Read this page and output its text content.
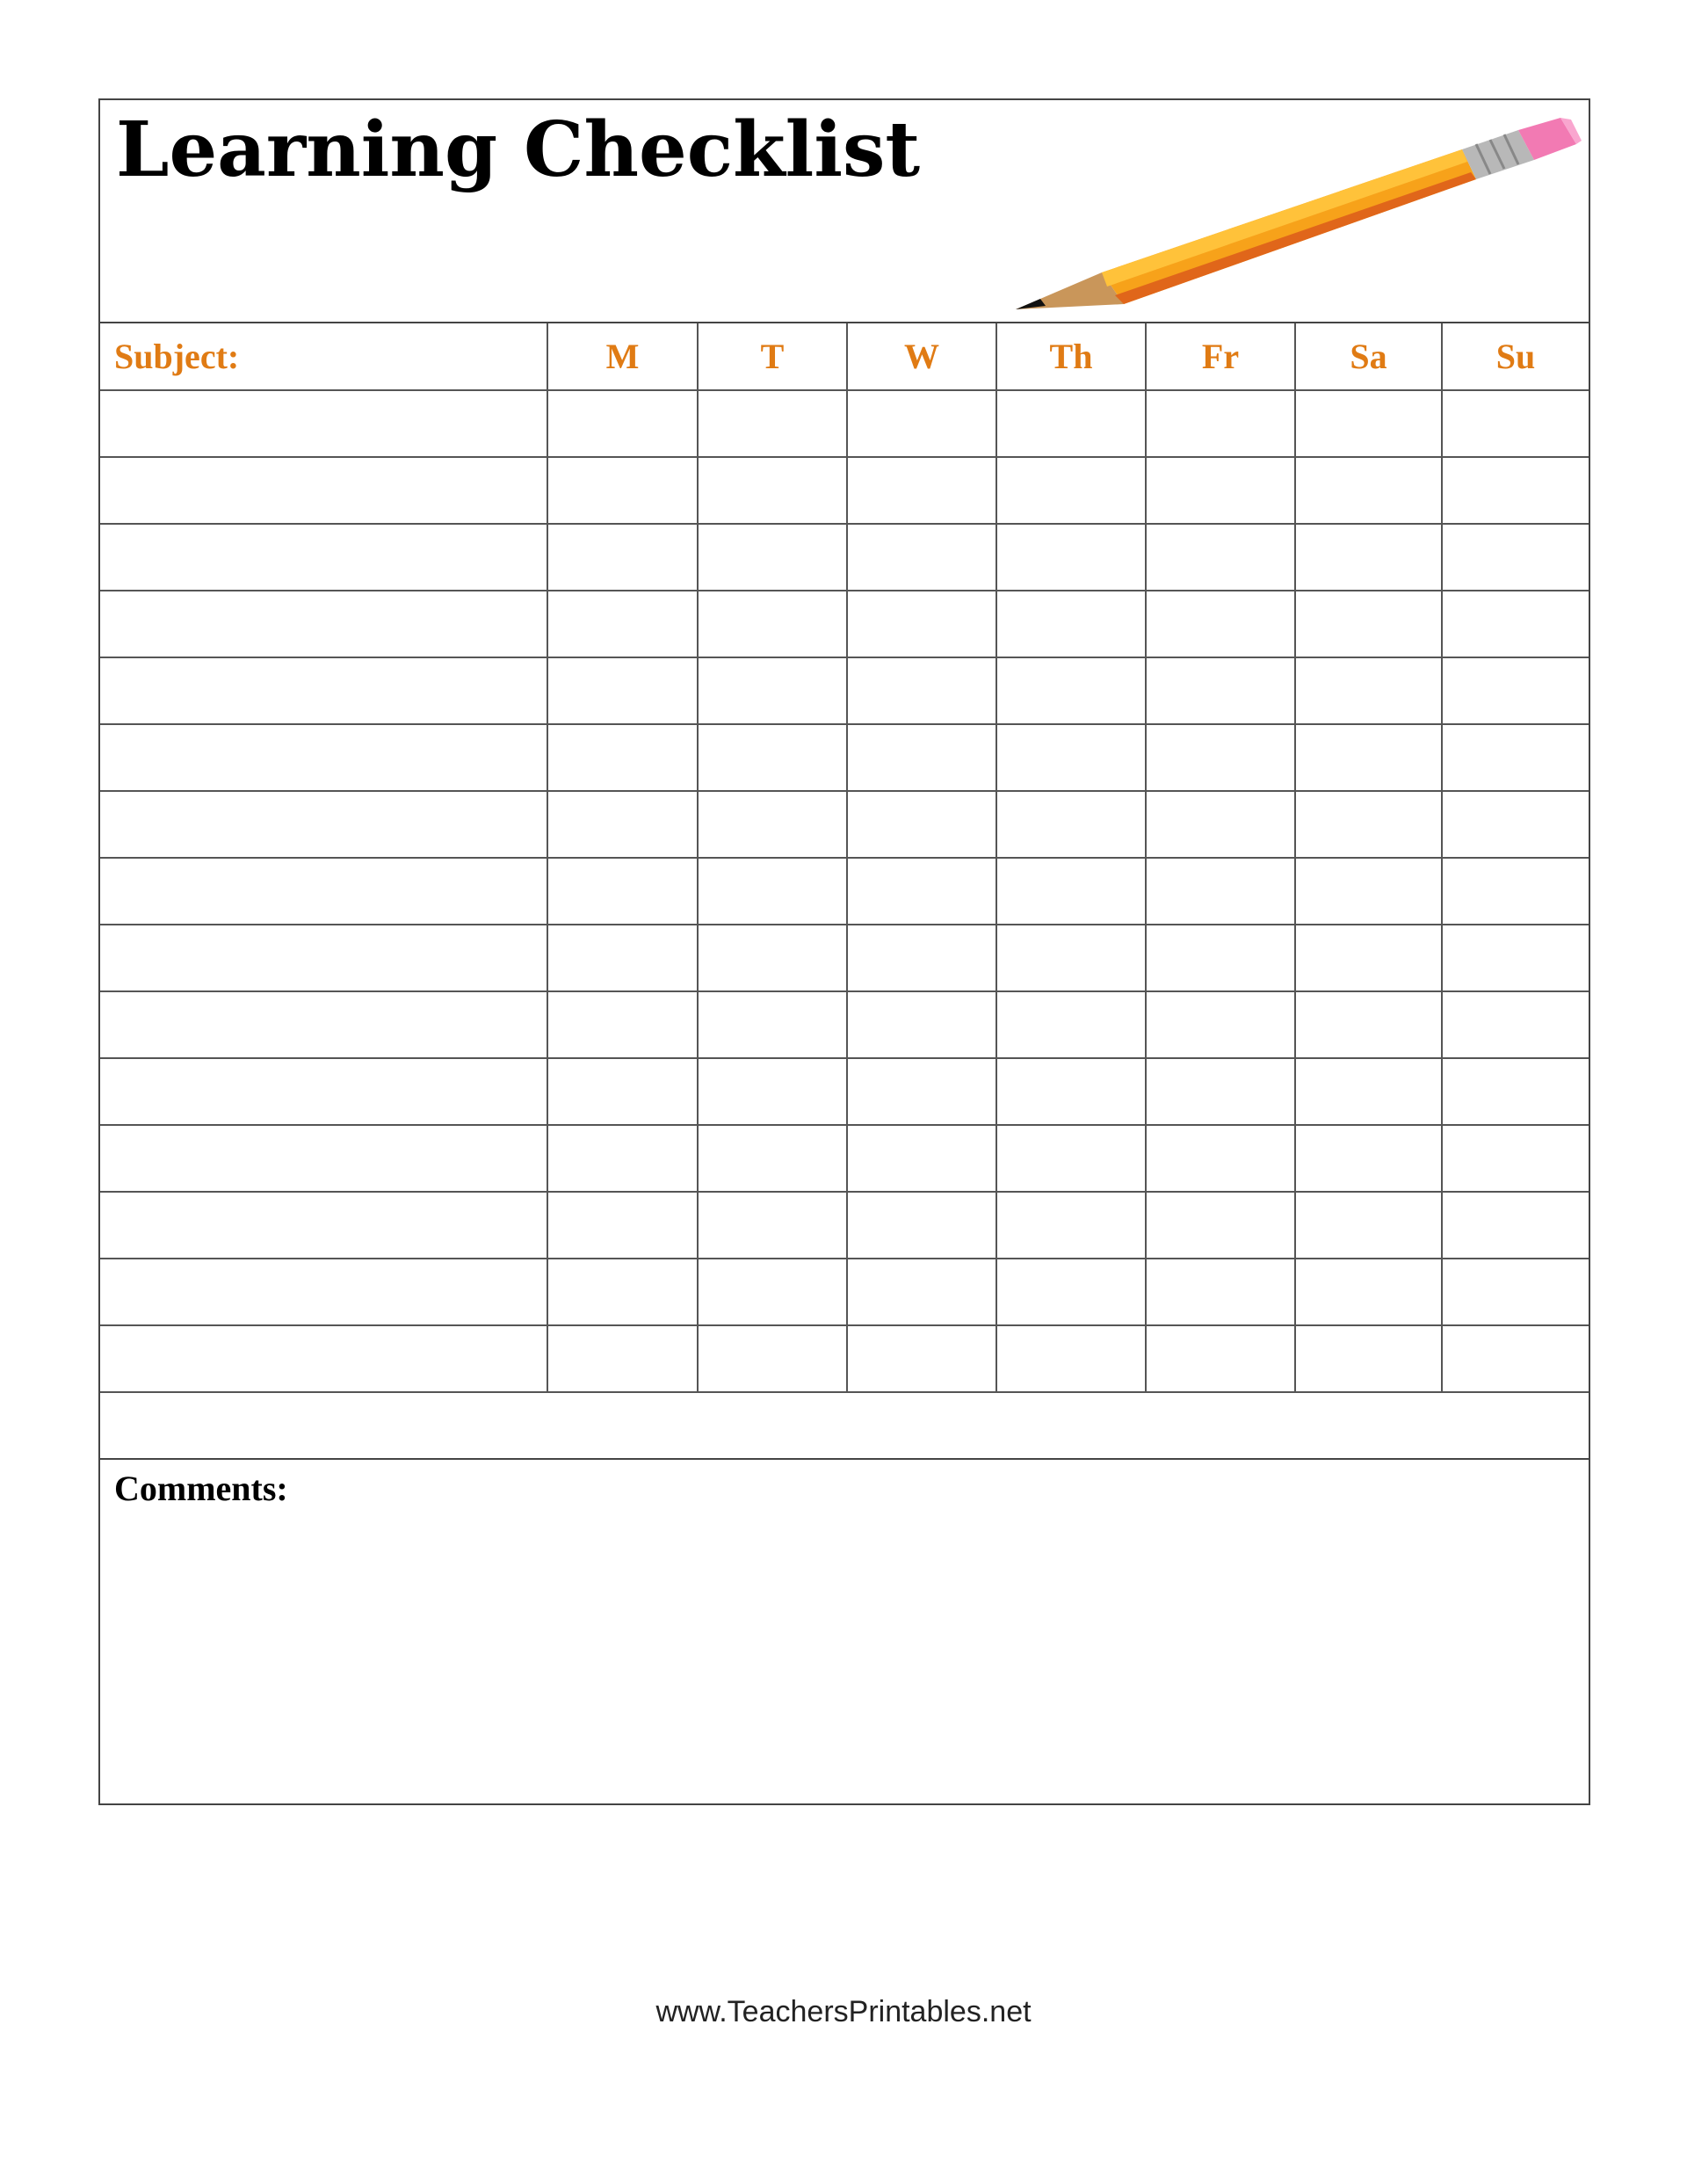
Learning Checklist
Subject:	M	T	W	Th	Fr	Sa	Su

Comments:
www.TeachersPrintables.net
